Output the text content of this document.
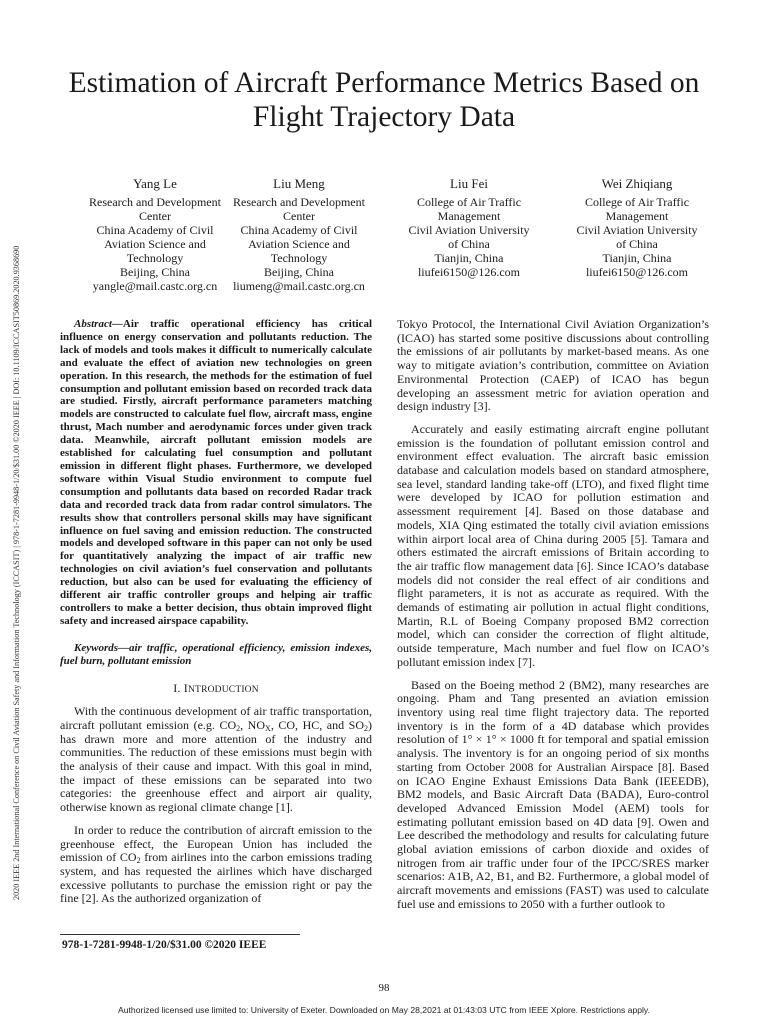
2020 IEEE 2nd International Conference on Civil Aviation Safety and Information Technology (ICCASIT) | 978-1-7281-9948-1/20/$31.00 ©2020 IEEE | DOI: 10.1109/ICCASIT50869.2020.9368690
Estimation of Aircraft Performance Metrics Based on Flight Trajectory Data
Yang Le
Research and Development
Center
China Academy of Civil
Aviation Science and
Technology
Beijing, China
yangle@mail.castc.org.cn
Liu Meng
Research and Development
Center
China Academy of Civil
Aviation Science and
Technology
Beijing, China
liumeng@mail.castc.org.cn
Liu Fei
College of Air Traffic
Management
Civil Aviation University
of China
Tianjin, China
liufei6150@126.com
Wei Zhiqiang
College of Air Traffic
Management
Civil Aviation University
of China
Tianjin, China
liufei6150@126.com

Abstract—Air traffic operational efficiency has critical influence on energy conservation and pollutants reduction. The lack of models and tools makes it difficult to numerically calculate and evaluate the effect of aviation new technologies on green operation. In this research, the methods for the estimation of fuel consumption and pollutant emission based on recorded track data are studied. Firstly, aircraft performance parameters matching models are constructed to calculate fuel flow, aircraft mass, engine thrust, Mach number and aerodynamic forces under given track data. Meanwhile, aircraft pollutant emission models are established for calculating fuel consumption and pollutant emission in different flight phases. Furthermore, we developed software within Visual Studio environment to compute fuel consumption and pollutants data based on recorded Radar track data and recorded track data from radar control simulators. The results show that controllers personal skills may have significant influence on fuel saving and emission reduction. The constructed models and developed software in this paper can not only be used for quantitatively analyzing the impact of air traffic new technologies on civil aviation’s fuel conservation and pollutants reduction, but also can be used for evaluating the efficiency of different air traffic controller groups and helping air traffic controllers to make a better decision, thus obtain improved flight safety and increased airspace capability.

Keywords—air traffic, operational efficiency, emission indexes, fuel burn, pollutant emission

I. INTRODUCTION

With the continuous development of air traffic transportation, aircraft pollutant emission (e.g. $CO_2$, $NO_X$, CO, HC, and $SO_2$) has drawn more and more attention of the industry and communities. The reduction of these emissions must begin with the analysis of their cause and impact. With this goal in mind, the impact of these emissions can be separated into two categories: the greenhouse effect and airport air quality, otherwise known as regional climate change [1].

In order to reduce the contribution of aircraft emission to the greenhouse effect, the European Union has included the emission of $CO_2$ from airlines into the carbon emissions trading system, and has requested the airlines which have discharged excessive pollutants to purchase the emission right or pay the fine [2]. As the authorized organization of

Tokyo Protocol, the International Civil Aviation Organization’s (ICAO) has started some positive discussions about controlling the emissions of air pollutants by market-based means. As one way to mitigate aviation’s contribution, committee on Aviation Environmental Protection (CAEP) of ICAO has begun developing an assessment metric for aviation operation and design industry [3].

Accurately and easily estimating aircraft engine pollutant emission is the foundation of pollutant emission control and environment effect evaluation. The aircraft basic emission database and calculation models based on standard atmosphere, sea level, standard landing take-off (LTO), and fixed flight time were developed by ICAO for pollution estimation and assessment requirement [4]. Based on those database and models, XIA Qing estimated the totally civil aviation emissions within airport local area of China during 2005 [5]. Tamara and others estimated the aircraft emissions of Britain according to the air traffic flow management data [6]. Since ICAO’s database models did not consider the real effect of air conditions and flight parameters, it is not as accurate as required. With the demands of estimating air pollution in actual flight conditions, Martin, R.L of Boeing Company proposed BM2 correction model, which can consider the correction of flight altitude, outside temperature, Mach number and fuel flow on ICAO’s pollutant emission index [7].

Based on the Boeing method 2 (BM2), many researches are ongoing. Pham and Tang presented an aviation emission inventory using real time flight trajectory data. The reported inventory is in the form of a 4D database which provides resolution of 1° × 1° × 1000 ft for temporal and spatial emission analysis. The inventory is for an ongoing period of six months starting from October 2008 for Australian Airspace [8]. Based on ICAO Engine Exhaust Emissions Data Bank (IEEEDB), BM2 models, and Basic Aircraft Data (BADA), Euro-control developed Advanced Emission Model (AEM) tools for estimating pollutant emission based on 4D data [9]. Owen and Lee described the methodology and results for calculating future global aviation emissions of carbon dioxide and oxides of nitrogen from air traffic under four of the IPCC/SRES marker scenarios: A1B, A2, B1, and B2. Furthermore, a global model of aircraft movements and emissions (FAST) was used to calculate fuel use and emissions to 2050 with a further outlook to

978-1-7281-9948-1/20/$31.00 ©2020 IEEE
98
Authorized licensed use limited to: University of Exeter. Downloaded on May 28,2021 at 01:43:03 UTC from IEEE Xplore. Restrictions apply.
